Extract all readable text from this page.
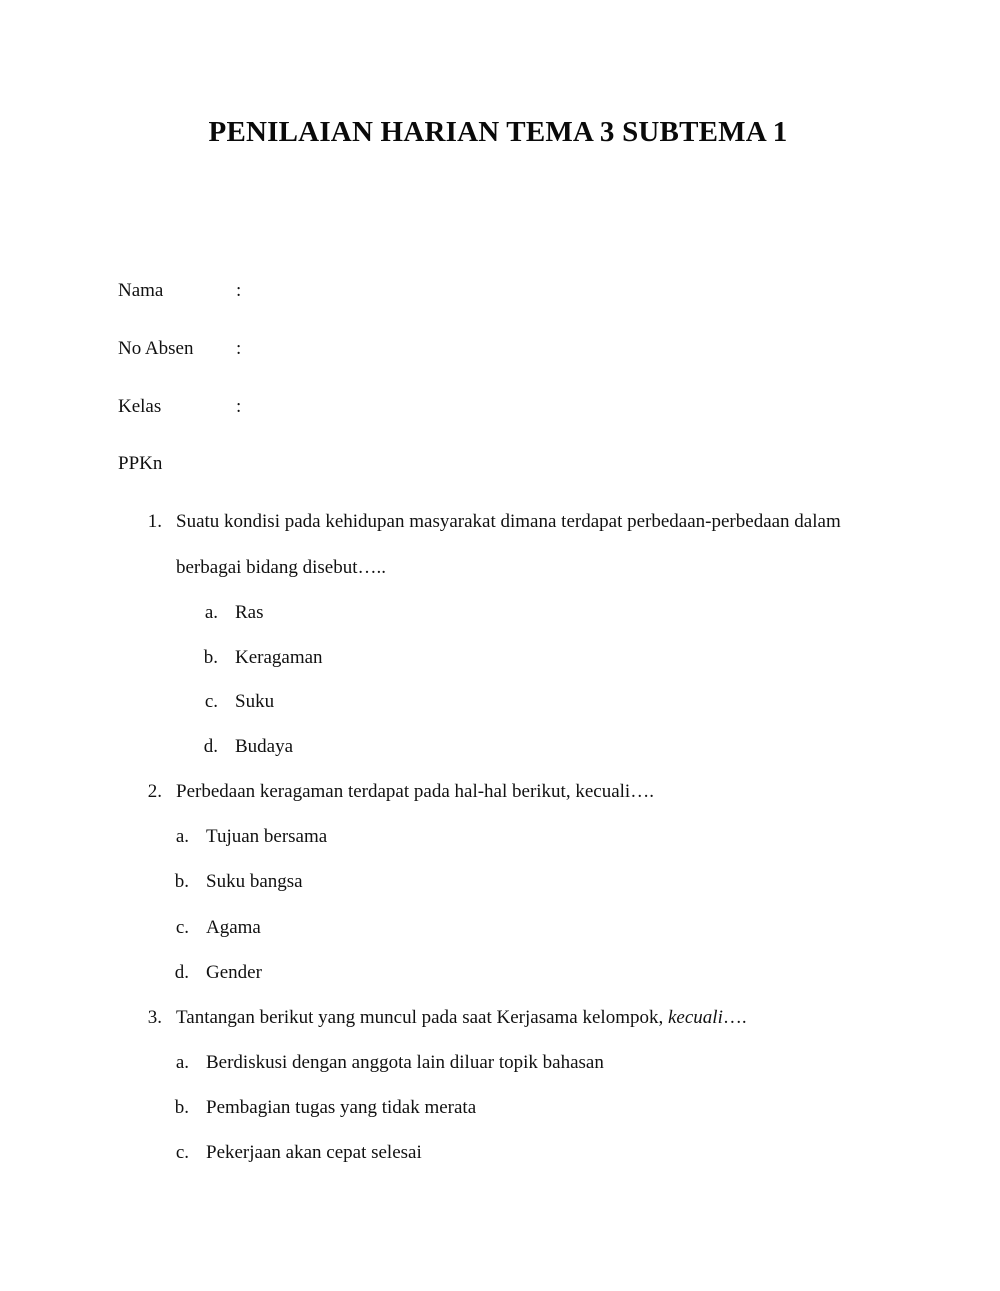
PENILAIAN HARIAN TEMA 3 SUBTEMA 1
Nama	:
No Absen :
Kelas	:
PPKn
1. Suatu kondisi pada kehidupan masyarakat dimana terdapat perbedaan-perbedaan dalam
berbagai bidang disebut…..
a. Ras
b. Keragaman
c. Suku
d. Budaya
2. Perbedaan keragaman terdapat pada hal-hal berikut, kecuali….
a. Tujuan bersama
b. Suku bangsa
c. Agama
d. Gender
3. Tantangan berikut yang muncul pada saat Kerjasama kelompok, kecuali….
a. Berdiskusi dengan anggota lain diluar topik bahasan
b. Pembagian tugas yang tidak merata
c. Pekerjaan akan cepat selesai
